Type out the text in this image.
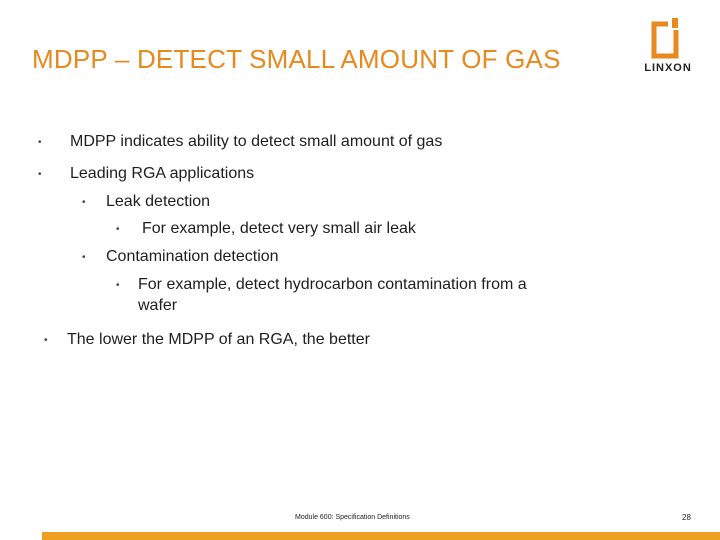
MDPP – DETECT SMALL AMOUNT OF GAS	LINXON
• MDPP indicates ability to detect small amount of gas
• Leading RGA applications
• Leak detection
• For example, detect very small air leak
• Contamination detection
• For example, detect hydrocarbon contamination from a
wafer
• The lower the MDPP of an RGA, the better
Module 600: Specification Definitions	28
